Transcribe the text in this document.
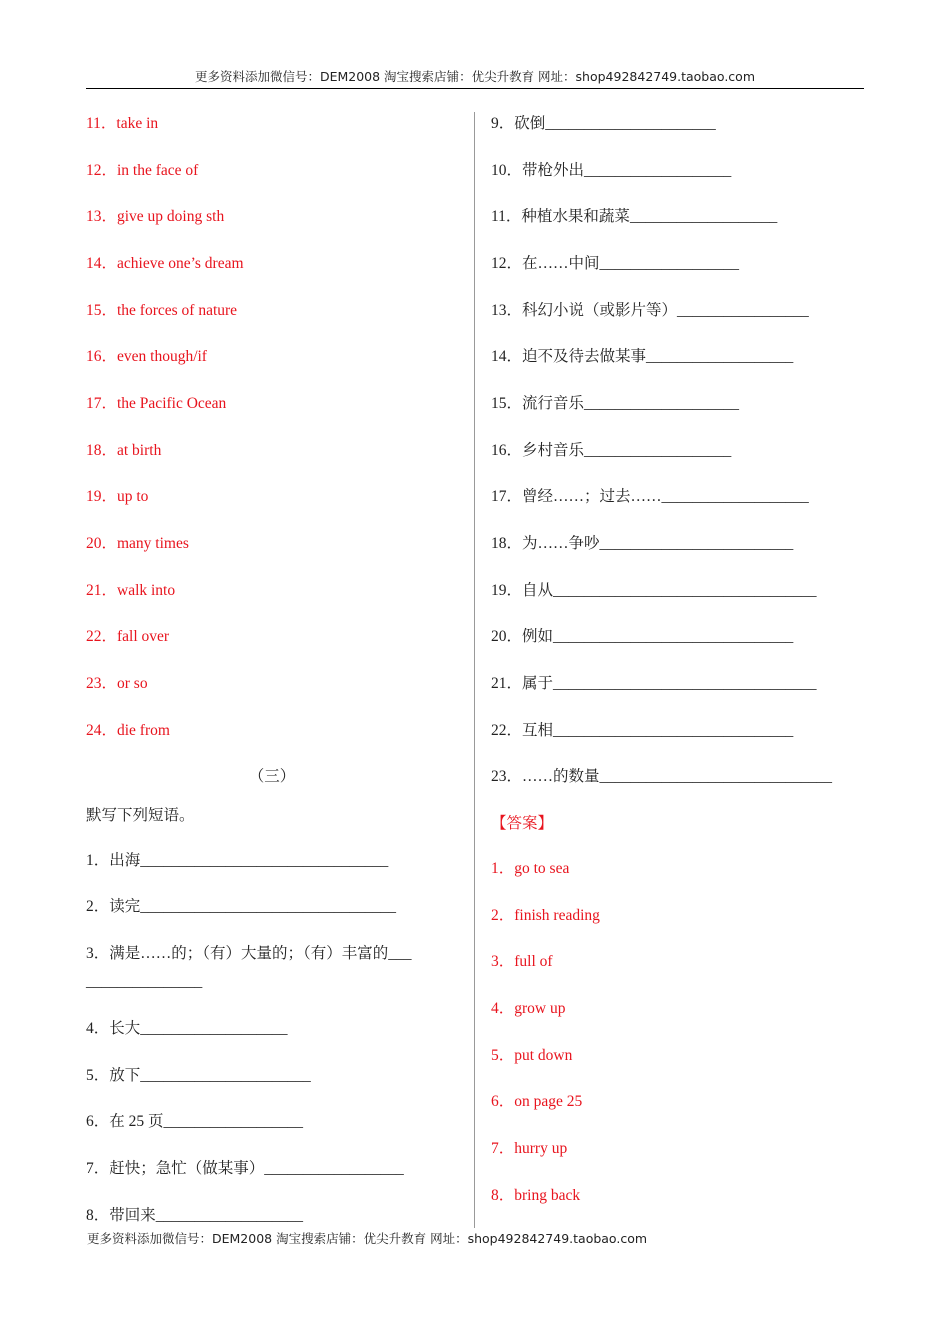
更多资料添加微信号：DEM2008 淘宝搜索店铺：优尖升教育 网址：shop492842749.taobao.com
11．take in
12．in the face of
13．give up doing sth
14．achieve one’s dream
15．the forces of nature
16．even though/if
17．the Pacific Ocean
18．at birth
19．up to
20．many times
21．walk into
22．fall over
23．or so
24．die from
（三）
默写下列短语。
1．出海________________________________
2．读完_________________________________
3．满是……的；（有）大量的；（有）丰富的___
_______________
4．长大___________________
5．放下______________________
6．在 25 页__________________
7．赶快；急忙（做某事）__________________
8．带回来___________________
9．砍倒______________________
10．带枪外出___________________
11．种植水果和蔬菜___________________
12．在……中间__________________
13．科幻小说（或影片等）_________________
14．迫不及待去做某事___________________
15．流行音乐____________________
16．乡村音乐___________________
17．曾经……；过去……___________________
18．为……争吵_________________________
19．自从__________________________________
20．例如_______________________________
21．属于__________________________________
22．互相_______________________________
23．……的数量______________________________
【答案】
1．go to sea
2．finish reading
3．full of
4．grow up
5．put down
6．on page 25
7．hurry up
8．bring back
更多资料添加微信号：DEM2008 淘宝搜索店铺：优尖升教育 网址：shop492842749.taobao.com
